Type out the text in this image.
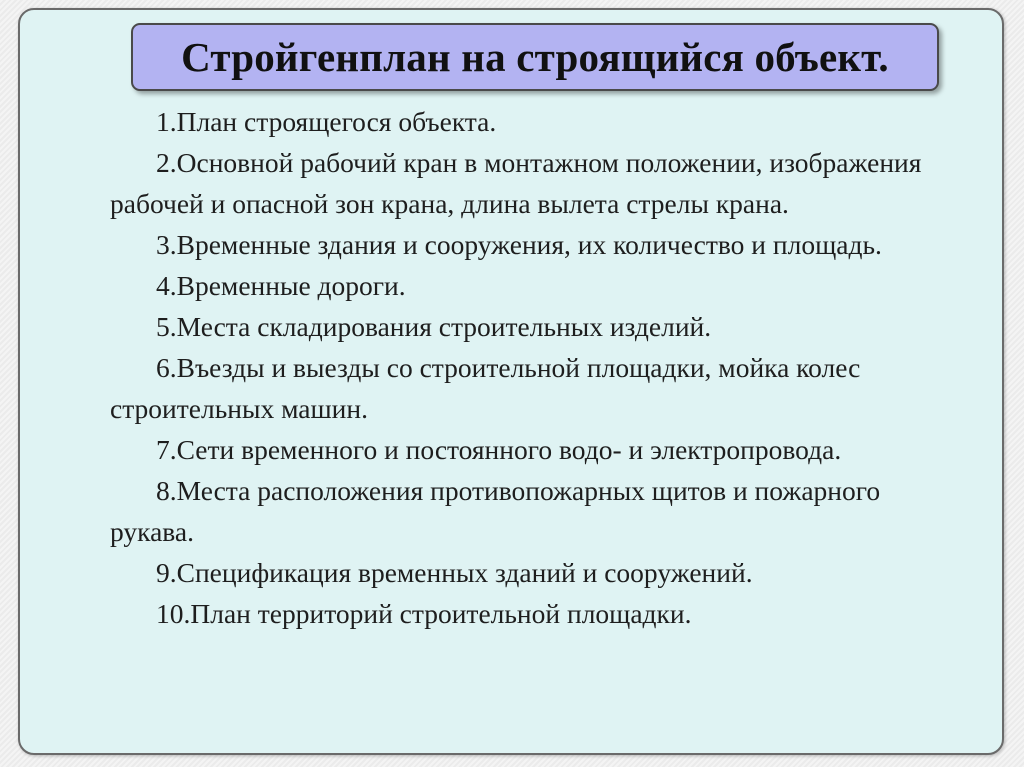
Стройгенплан на строящийся объект.
1.План строящегося объекта.
2.Основной рабочий кран в монтажном положении, изображения рабочей и опасной зон крана, длина вылета стрелы крана.
3.Временные здания и сооружения, их количество и площадь.
4.Временные дороги.
5.Места складирования строительных изделий.
6.Въезды и выезды со строительной площадки, мойка колес строительных машин.
7.Сети временного и постоянного водо- и электропровода.
8.Места расположения противопожарных щитов и пожарного рукава.
9.Спецификация временных зданий и сооружений.
10.План территорий строительной площадки.
